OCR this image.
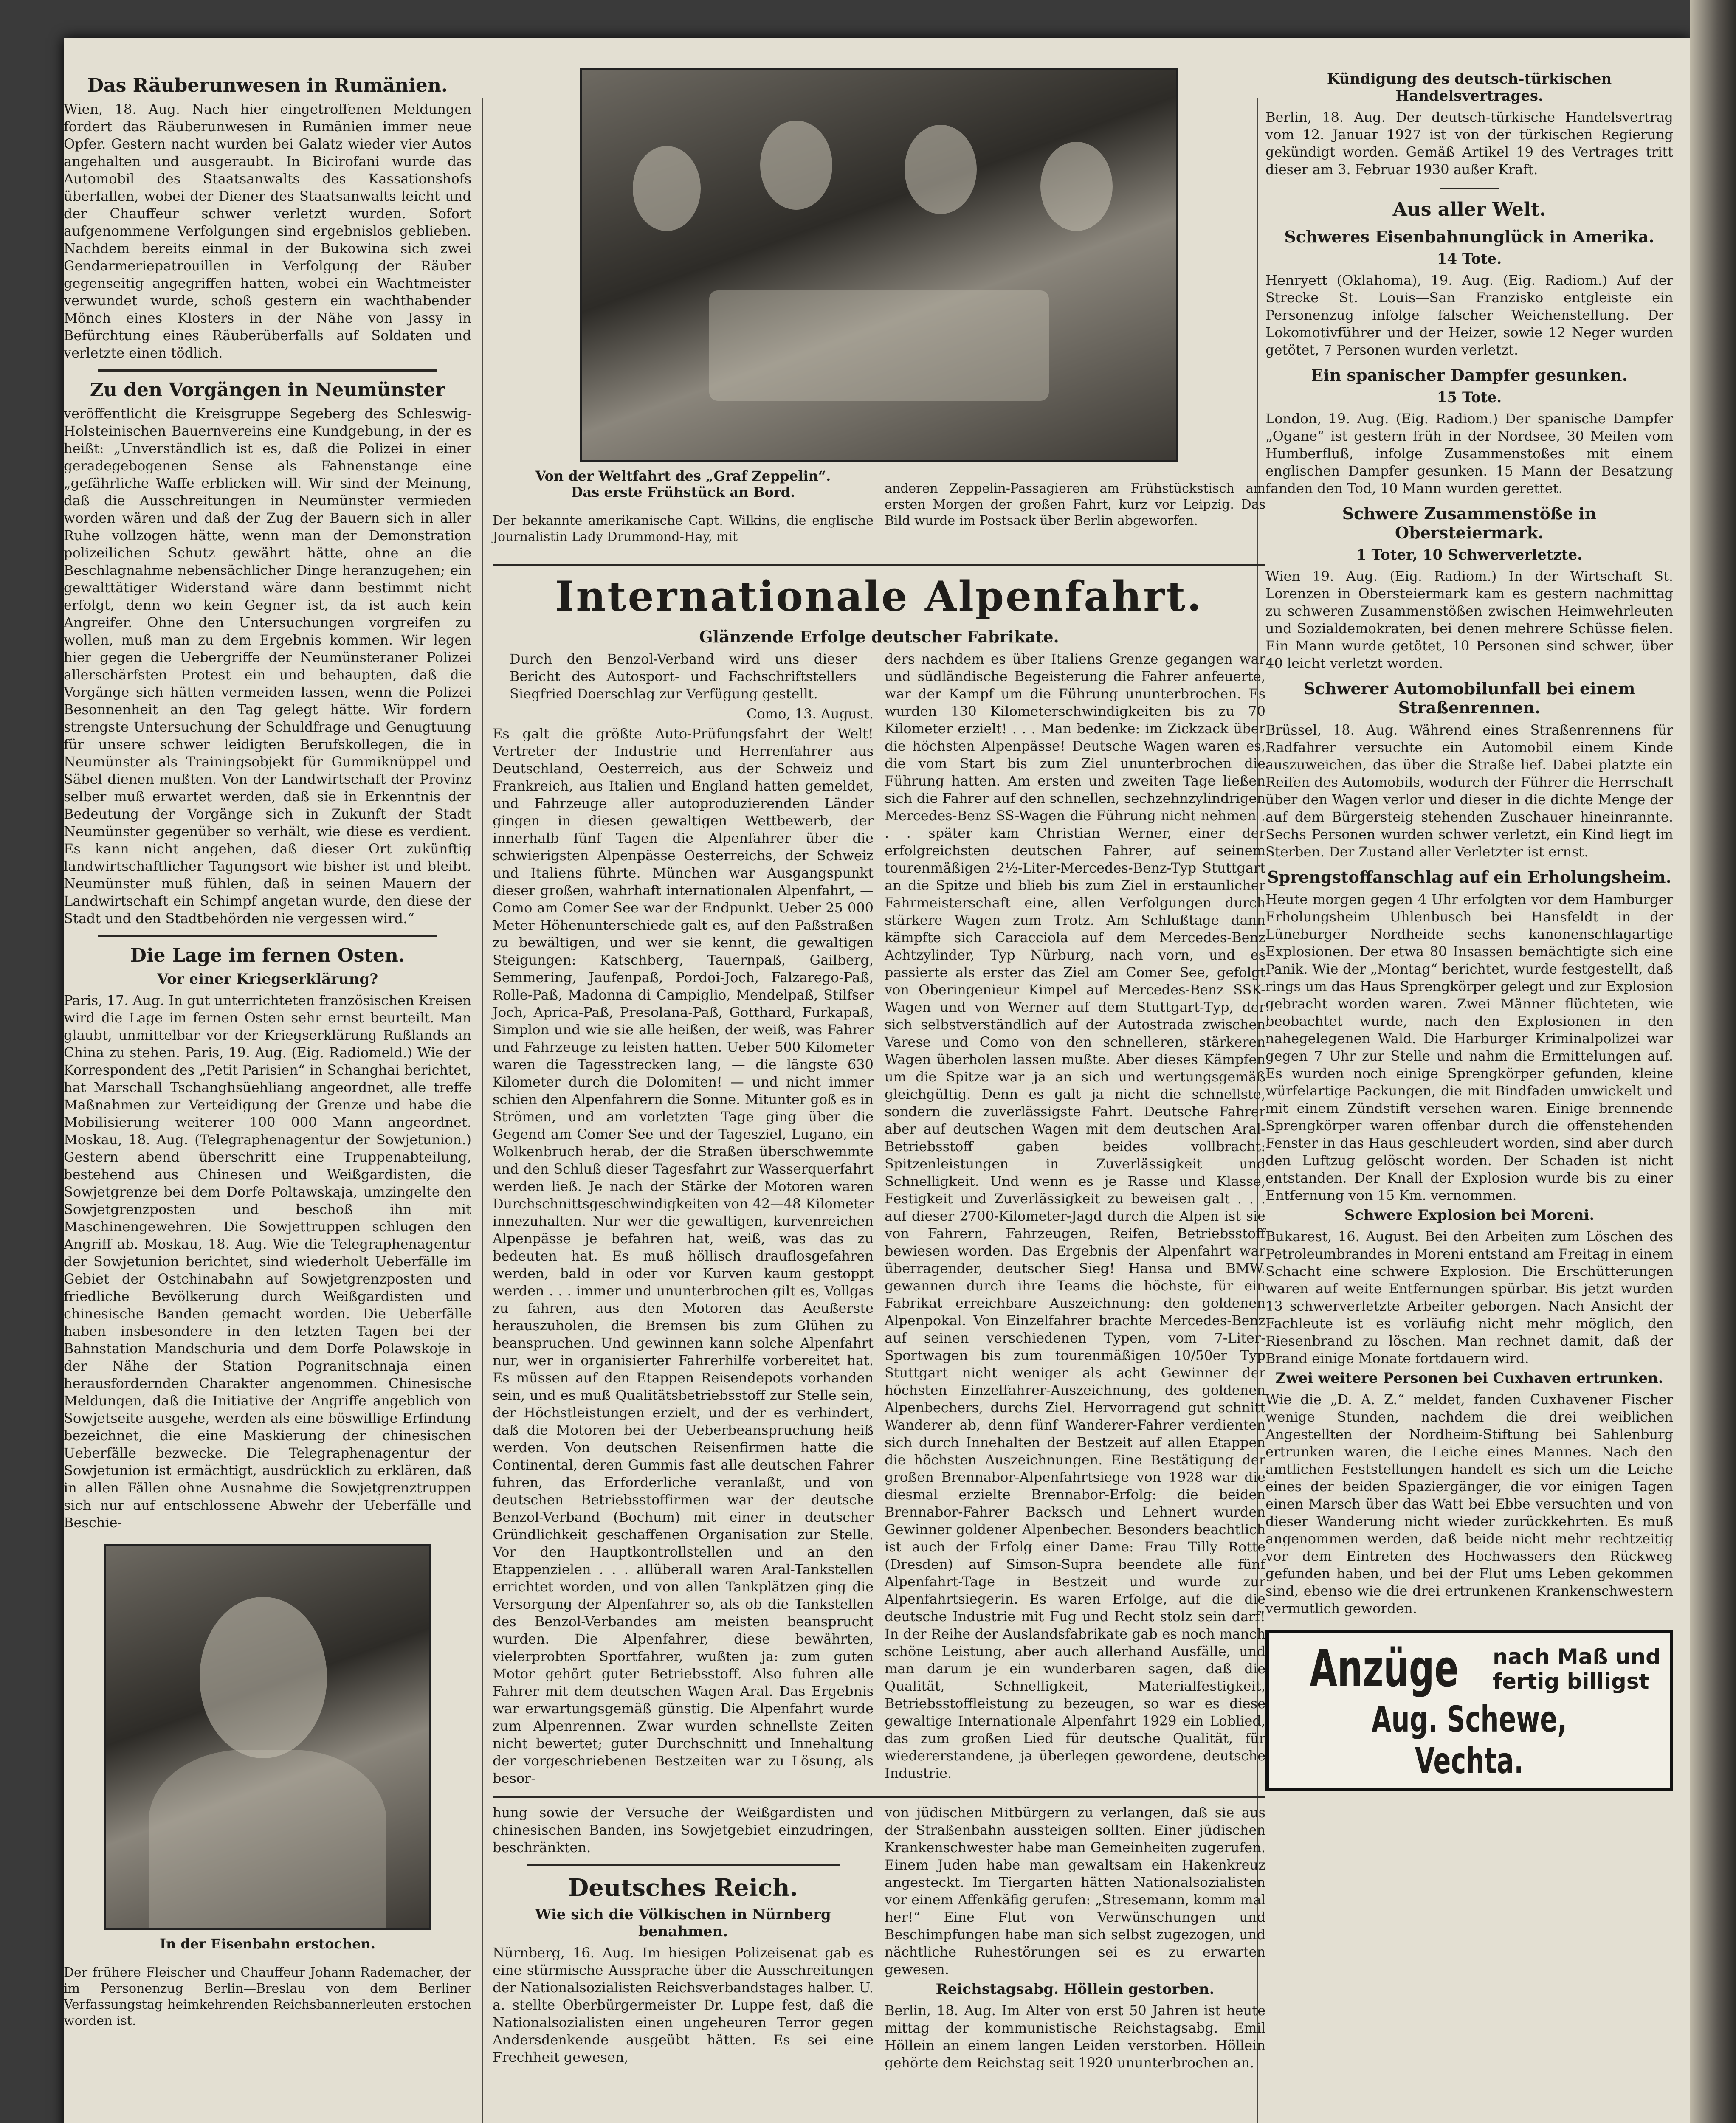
Das Räuberunwesen in Rumänien.

Wien, 18. Aug. Nach hier eingetroffenen Meldungen fordert das Räuberunwesen in Rumänien immer neue Opfer. Gestern nacht wurden bei Galatz wieder vier Autos angehalten und ausgeraubt. In Bicirofani wurde das Automobil des Staatsanwalts des Kassationshofs überfallen, wobei der Diener des Staatsanwalts leicht und der Chauffeur schwer verletzt wurden. Sofort aufgenommene Verfolgungen sind ergebnislos geblieben. Nachdem bereits einmal in der Bukowina sich zwei Gendarmeriepatrouillen in Verfolgung der Räuber gegenseitig angegriffen hatten, wobei ein Wachtmeister verwundet wurde, schoß gestern ein wachthabender Mönch eines Klosters in der Nähe von Jassy in Befürchtung eines Räuberüberfalls auf Soldaten und verletzte einen tödlich.

Zu den Vorgängen in Neumünster

veröffentlicht die Kreisgruppe Segeberg des Schleswig-Holsteinischen Bauernvereins eine Kundgebung, in der es heißt: „Unverständlich ist es, daß die Polizei in einer geradegebogenen Sense als Fahnenstange eine „gefährliche Waffe erblicken will. Wir sind der Meinung, daß die Ausschreitungen in Neumünster vermieden worden wären und daß der Zug der Bauern sich in aller Ruhe vollzogen hätte, wenn man der Demonstration polizeilichen Schutz gewährt hätte, ohne an die Beschlagnahme nebensächlicher Dinge heranzugehen; ein gewalttätiger Widerstand wäre dann bestimmt nicht erfolgt, denn wo kein Gegner ist, da ist auch kein Angreifer. Ohne den Untersuchungen vorgreifen zu wollen, muß man zu dem Ergebnis kommen. Wir legen hier gegen die Uebergriffe der Neumünsteraner Polizei allerschärfsten Protest ein und behaupten, daß die Vorgänge sich hätten vermeiden lassen, wenn die Polizei Besonnenheit an den Tag gelegt hätte. Wir fordern strengste Untersuchung der Schuldfrage und Genugtuung für unsere schwer leidigten Berufskollegen, die in Neumünster als Trainingsobjekt für Gummiknüppel und Säbel dienen mußten. Von der Landwirtschaft der Provinz selber muß erwartet werden, daß sie in Erkenntnis der Bedeutung der Vorgänge sich in Zukunft der Stadt Neumünster gegenüber so verhält, wie diese es verdient. Es kann nicht angehen, daß dieser Ort zukünftig landwirtschaftlicher Tagungsort wie bisher ist und bleibt. Neumünster muß fühlen, daß in seinen Mauern der Landwirtschaft ein Schimpf angetan wurde, den diese der Stadt und den Stadtbehörden nie vergessen wird.“

Die Lage im fernen Osten.
Vor einer Kriegserklärung?

Paris, 17. Aug. In gut unterrichteten französischen Kreisen wird die Lage im fernen Osten sehr ernst beurteilt. Man glaubt, unmittelbar vor der Kriegserklärung Rußlands an China zu stehen. Paris, 19. Aug. (Eig. Radiomeld.) Wie der Korrespondent des „Petit Parisien“ in Schanghai berichtet, hat Marschall Tschanghsüehliang angeordnet, alle treffe Maßnahmen zur Verteidigung der Grenze und habe die Mobilisierung weiterer 100 000 Mann angeordnet. Moskau, 18. Aug. (Telegraphenagentur der Sowjetunion.) Gestern abend überschritt eine Truppenabteilung, bestehend aus Chinesen und Weißgardisten, die Sowjetgrenze bei dem Dorfe Poltawskaja, umzingelte den Sowjetgrenzposten und beschoß ihn mit Maschinengewehren. Die Sowjettruppen schlugen den Angriff ab. Moskau, 18. Aug. Wie die Telegraphenagentur der Sowjetunion berichtet, sind wiederholt Ueberfälle im Gebiet der Ostchinabahn auf Sowjetgrenzposten und friedliche Bevölkerung durch Weißgardisten und chinesische Banden gemacht worden. Die Ueberfälle haben insbesondere in den letzten Tagen bei der Bahnstation Mandschuria und dem Dorfe Polawskoje in der Nähe der Station Pogranitschnaja einen herausfordernden Charakter angenommen. Chinesische Meldungen, daß die Initiative der Angriffe angeblich von Sowjetseite ausgehe, werden als eine böswillige Erfindung bezeichnet, die eine Maskierung der chinesischen Ueberfälle bezwecke. Die Telegraphenagentur der Sowjetunion ist ermächtigt, ausdrücklich zu erklären, daß in allen Fällen ohne Ausnahme die Sowjetgrenztruppen sich nur auf entschlossene Abwehr der Ueberfälle und Beschie-

In der Eisenbahn erstochen.

Der frühere Fleischer und Chauffeur Johann Rademacher, der im Personenzug Berlin—Breslau von dem Berliner Verfassungstag heimkehrenden Reichsbannerleuten erstochen worden ist.

Von der Weltfahrt des „Graf Zeppelin“.
Das erste Frühstück an Bord.

Der bekannte amerikanische Capt. Wilkins, die englische Journalistin Lady Drummond-Hay, mit

anderen Zeppelin-Passagieren am Frühstückstisch am ersten Morgen der großen Fahrt, kurz vor Leipzig. Das Bild wurde im Postsack über Berlin abgeworfen.

Internationale Alpenfahrt.
Glänzende Erfolge deutscher Fabrikate.

Durch den Benzol-Verband wird uns dieser Bericht des Autosport- und Fachschriftstellers Siegfried Doerschlag zur Verfügung gestellt.

Como, 13. August.

Es galt die größte Auto-Prüfungsfahrt der Welt! Vertreter der Industrie und Herrenfahrer aus Deutschland, Oesterreich, aus der Schweiz und Frankreich, aus Italien und England hatten gemeldet, und Fahrzeuge aller autoproduzierenden Länder gingen in diesen gewaltigen Wettbewerb, der innerhalb fünf Tagen die Alpenfahrer über die schwierigsten Alpenpässe Oesterreichs, der Schweiz und Italiens führte. München war Ausgangspunkt dieser großen, wahrhaft internationalen Alpenfahrt, — Como am Comer See war der Endpunkt. Ueber 25 000 Meter Höhenunterschiede galt es, auf den Paßstraßen zu bewältigen, und wer sie kennt, die gewaltigen Steigungen: Katschberg, Tauernpaß, Gailberg, Semmering, Jaufenpaß, Pordoi-Joch, Falzarego-Paß, Rolle-Paß, Madonna di Campiglio, Mendelpaß, Stilfser Joch, Aprica-Paß, Presolana-Paß, Gotthard, Furkapaß, Simplon und wie sie alle heißen, der weiß, was Fahrer und Fahrzeuge zu leisten hatten. Ueber 500 Kilometer waren die Tagesstrecken lang, — die längste 630 Kilometer durch die Dolomiten! — und nicht immer schien den Alpenfahrern die Sonne. Mitunter goß es in Strömen, und am vorletzten Tage ging über die Gegend am Comer See und der Tagesziel, Lugano, ein Wolkenbruch herab, der die Straßen überschwemmte und den Schluß dieser Tagesfahrt zur Wasserquerfahrt werden ließ. Je nach der Stärke der Motoren waren Durchschnittsgeschwindigkeiten von 42—48 Kilometer innezuhalten. Nur wer die gewaltigen, kurvenreichen Alpenpässe je befahren hat, weiß, was das zu bedeuten hat. Es muß höllisch drauflosgefahren werden, bald in oder vor Kurven kaum gestoppt werden . . . immer und ununterbrochen gilt es, Vollgas zu fahren, aus den Motoren das Aeußerste herauszuholen, die Bremsen bis zum Glühen zu beanspruchen. Und gewinnen kann solche Alpenfahrt nur, wer in organisierter Fahrerhilfe vorbereitet hat. Es müssen auf den Etappen Reisendepots vorhanden sein, und es muß Qualitätsbetriebsstoff zur Stelle sein, der Höchstleistungen erzielt, und der es verhindert, daß die Motoren bei der Ueberbeanspruchung heiß werden. Von deutschen Reisenfirmen hatte die Continental, deren Gummis fast alle deutschen Fahrer fuhren, das Erforderliche veranlaßt, und von deutschen Betriebsstoffirmen war der deutsche Benzol-Verband (Bochum) mit einer in deutscher Gründlichkeit geschaffenen Organisation zur Stelle. Vor den Hauptkontrollstellen und an den Etappenzielen . . . allüberall waren Aral-Tankstellen errichtet worden, und von allen Tankplätzen ging die Versorgung der Alpenfahrer so, als ob die Tankstellen des Benzol-Verbandes am meisten beansprucht wurden. Die Alpenfahrer, diese bewährten, vielerprobten Sportfahrer, wußten ja: zum guten Motor gehört guter Betriebsstoff. Also fuhren alle Fahrer mit dem deutschen Wagen Aral. Das Ergebnis war erwartungsgemäß günstig. Die Alpenfahrt wurde zum Alpenrennen. Zwar wurden schnellste Zeiten nicht bewertet; guter Durchschnitt und Innehaltung der vorgeschriebenen Bestzeiten war zu Lösung, als besor-

ders nachdem es über Italiens Grenze gegangen war und südländische Begeisterung die Fahrer anfeuerte, war der Kampf um die Führung ununterbrochen. Es wurden 130 Kilometerschwindigkeiten bis zu 70 Kilometer erzielt! . . . Man bedenke: im Zickzack über die höchsten Alpenpässe! Deutsche Wagen waren es, die vom Start bis zum Ziel ununterbrochen die Führung hatten. Am ersten und zweiten Tage ließen sich die Fahrer auf den schnellen, sechzehnzylindrigen Mercedes-Benz SS-Wagen die Führung nicht nehmen . . . später kam Christian Werner, einer der erfolgreichsten deutschen Fahrer, auf seinem tourenmäßigen 2½-Liter-Mercedes-Benz-Typ Stuttgart an die Spitze und blieb bis zum Ziel in erstaunlicher Fahrmeisterschaft eine, allen Verfolgungen durch stärkere Wagen zum Trotz. Am Schlußtage dann kämpfte sich Caracciola auf dem Mercedes-Benz Achtzylinder, Typ Nürburg, nach vorn, und es passierte als erster das Ziel am Comer See, gefolgt von Oberingenieur Kimpel auf Mercedes-Benz SSK-Wagen und von Werner auf dem Stuttgart-Typ, der sich selbstverständlich auf der Autostrada zwischen Varese und Como von den schnelleren, stärkeren Wagen überholen lassen mußte. Aber dieses Kämpfen um die Spitze war ja an sich und wertungsgemäß gleichgültig. Denn es galt ja nicht die schnellste, sondern die zuverlässigste Fahrt. Deutsche Fahrer aber auf deutschen Wagen mit dem deutschen Aral-Betriebsstoff gaben beides vollbracht: Spitzenleistungen in Zuverlässigkeit und Schnelligkeit. Und wenn es je Rasse und Klasse, Festigkeit und Zuverlässigkeit zu beweisen galt . . . auf dieser 2700-Kilometer-Jagd durch die Alpen ist sie von Fahrern, Fahrzeugen, Reifen, Betriebsstoff bewiesen worden. Das Ergebnis der Alpenfahrt war überragender, deutscher Sieg! Hansa und BMW. gewannen durch ihre Teams die höchste, für ein Fabrikat erreichbare Auszeichnung: den goldenen Alpenpokal. Von Einzelfahrer brachte Mercedes-Benz auf seinen verschiedenen Typen, vom 7-Liter-Sportwagen bis zum tourenmäßigen 10/50er Typ Stuttgart nicht weniger als acht Gewinner der höchsten Einzelfahrer-Auszeichnung, des goldenen Alpenbechers, durchs Ziel. Hervorragend gut schnitt Wanderer ab, denn fünf Wanderer-Fahrer verdienten sich durch Innehalten der Bestzeit auf allen Etappen die höchsten Auszeichnungen. Eine Bestätigung der großen Brennabor-Alpenfahrtsiege von 1928 war die diesmal erzielte Brennabor-Erfolg: die beiden Brennabor-Fahrer Backsch und Lehnert wurden Gewinner goldener Alpenbecher. Besonders beachtlich ist auch der Erfolg einer Dame: Frau Tilly Rotte (Dresden) auf Simson-Supra beendete alle fünf Alpenfahrt-Tage in Bestzeit und wurde zur Alpenfahrtsiegerin. Es waren Erfolge, auf die die deutsche Industrie mit Fug und Recht stolz sein darf! In der Reihe der Auslandsfabrikate gab es noch manch schöne Leistung, aber auch allerhand Ausfälle, und man darum je ein wunderbaren sagen, daß die Qualität, Schnelligkeit, Materialfestigkeit, Betriebsstoffleistung zu bezeugen, so war es diese gewaltige Internationale Alpenfahrt 1929 ein Loblied, das zum großen Lied für deutsche Qualität, für wiedererstandene, ja überlegen gewordene, deutsche Industrie.

hung sowie der Versuche der Weißgardisten und chinesischen Banden, ins Sowjetgebiet einzudringen, beschränkten.

Deutsches Reich.
Wie sich die Völkischen in Nürnberg benahmen.

Nürnberg, 16. Aug. Im hiesigen Polizeisenat gab es eine stürmische Aussprache über die Ausschreitungen der Nationalsozialisten Reichsverbandstages halber. U. a. stellte Oberbürgermeister Dr. Luppe fest, daß die Nationalsozialisten einen ungeheuren Terror gegen Andersdenkende ausgeübt hätten. Es sei eine Frechheit gewesen,

von jüdischen Mitbürgern zu verlangen, daß sie aus der Straßenbahn aussteigen sollten. Einer jüdischen Krankenschwester habe man Gemeinheiten zugerufen. Einem Juden habe man gewaltsam ein Hakenkreuz angesteckt. Im Tiergarten hätten Nationalsozialisten vor einem Affenkäfig gerufen: „Stresemann, komm mal her!“ Eine Flut von Verwünschungen und Beschimpfungen habe man sich selbst zugezogen, und nächtliche Ruhestörungen sei es zu erwarten gewesen.

Reichstagsabg. Höllein gestorben.

Berlin, 18. Aug. Im Alter von erst 50 Jahren ist heute mittag der kommunistische Reichstagsabg. Emil Höllein an einem langen Leiden verstorben. Höllein gehörte dem Reichstag seit 1920 ununterbrochen an.

Kündigung des deutsch-türkischen Handelsvertrages.

Berlin, 18. Aug. Der deutsch-türkische Handelsvertrag vom 12. Januar 1927 ist von der türkischen Regierung gekündigt worden. Gemäß Artikel 19 des Vertrages tritt dieser am 3. Februar 1930 außer Kraft.

Aus aller Welt.
Schweres Eisenbahnunglück in Amerika.
14 Tote.

Henryett (Oklahoma), 19. Aug. (Eig. Radiom.) Auf der Strecke St. Louis—San Franzisko entgleiste ein Personenzug infolge falscher Weichenstellung. Der Lokomotivführer und der Heizer, sowie 12 Neger wurden getötet, 7 Personen wurden verletzt.

Ein spanischer Dampfer gesunken.
15 Tote.

London, 19. Aug. (Eig. Radiom.) Der spanische Dampfer „Ogane“ ist gestern früh in der Nordsee, 30 Meilen vom Humberfluß, infolge Zusammenstoßes mit einem englischen Dampfer gesunken. 15 Mann der Besatzung fanden den Tod, 10 Mann wurden gerettet.

Schwere Zusammenstöße in Obersteiermark.
1 Toter, 10 Schwerverletzte.

Wien 19. Aug. (Eig. Radiom.) In der Wirtschaft St. Lorenzen in Obersteiermark kam es gestern nachmittag zu schweren Zusammenstößen zwischen Heimwehrleuten und Sozialdemokraten, bei denen mehrere Schüsse fielen. Ein Mann wurde getötet, 10 Personen sind schwer, über 40 leicht verletzt worden.

Schwerer Automobilunfall bei einem Straßenrennen.

Brüssel, 18. Aug. Während eines Straßenrennens für Radfahrer versuchte ein Automobil einem Kinde auszuweichen, das über die Straße lief. Dabei platzte ein Reifen des Automobils, wodurch der Führer die Herrschaft über den Wagen verlor und dieser in die dichte Menge der auf dem Bürgersteig stehenden Zuschauer hineinrannte. Sechs Personen wurden schwer verletzt, ein Kind liegt im Sterben. Der Zustand aller Verletzter ist ernst.

Sprengstoffanschlag auf ein Erholungsheim.

Heute morgen gegen 4 Uhr erfolgten vor dem Hamburger Erholungsheim Uhlenbusch bei Hansfeldt in der Lüneburger Nordheide sechs kanonenschlagartige Explosionen. Der etwa 80 Insassen bemächtigte sich eine Panik. Wie der „Montag“ berichtet, wurde festgestellt, daß rings um das Haus Sprengkörper gelegt und zur Explosion gebracht worden waren. Zwei Männer flüchteten, wie beobachtet wurde, nach den Explosionen in den nahegelegenen Wald. Die Harburger Kriminalpolizei war gegen 7 Uhr zur Stelle und nahm die Ermittelungen auf. Es wurden noch einige Sprengkörper gefunden, kleine würfelartige Packungen, die mit Bindfaden umwickelt und mit einem Zündstift versehen waren. Einige brennende Sprengkörper waren offenbar durch die offenstehenden Fenster in das Haus geschleudert worden, sind aber durch den Luftzug gelöscht worden. Der Schaden ist nicht entstanden. Der Knall der Explosion wurde bis zu einer Entfernung von 15 Km. vernommen.

Schwere Explosion bei Moreni.

Bukarest, 16. August. Bei den Arbeiten zum Löschen des Petroleumbrandes in Moreni entstand am Freitag in einem Schacht eine schwere Explosion. Die Erschütterungen waren auf weite Entfernungen spürbar. Bis jetzt wurden 13 schwerverletzte Arbeiter geborgen. Nach Ansicht der Fachleute ist es vorläufig nicht mehr möglich, den Riesenbrand zu löschen. Man rechnet damit, daß der Brand einige Monate fortdauern wird.

Zwei weitere Personen bei Cuxhaven ertrunken.

Wie die „D. A. Z.“ meldet, fanden Cuxhavener Fischer wenige Stunden, nachdem die drei weiblichen Angestellten der Nordheim-Stiftung bei Sahlenburg ertrunken waren, die Leiche eines Mannes. Nach den amtlichen Feststellungen handelt es sich um die Leiche eines der beiden Spaziergänger, die vor einigen Tagen einen Marsch über das Watt bei Ebbe versuchten und von dieser Wanderung nicht wieder zurückkehrten. Es muß angenommen werden, daß beide nicht mehr rechtzeitig vor dem Eintreten des Hochwassers den Rückweg gefunden haben, und bei der Flut ums Leben gekommen sind, ebenso wie die drei ertrunkenen Krankenschwestern vermutlich geworden.

Anzüge nach Maß und
fertig billigst
Aug. Schewe, Vechta.
